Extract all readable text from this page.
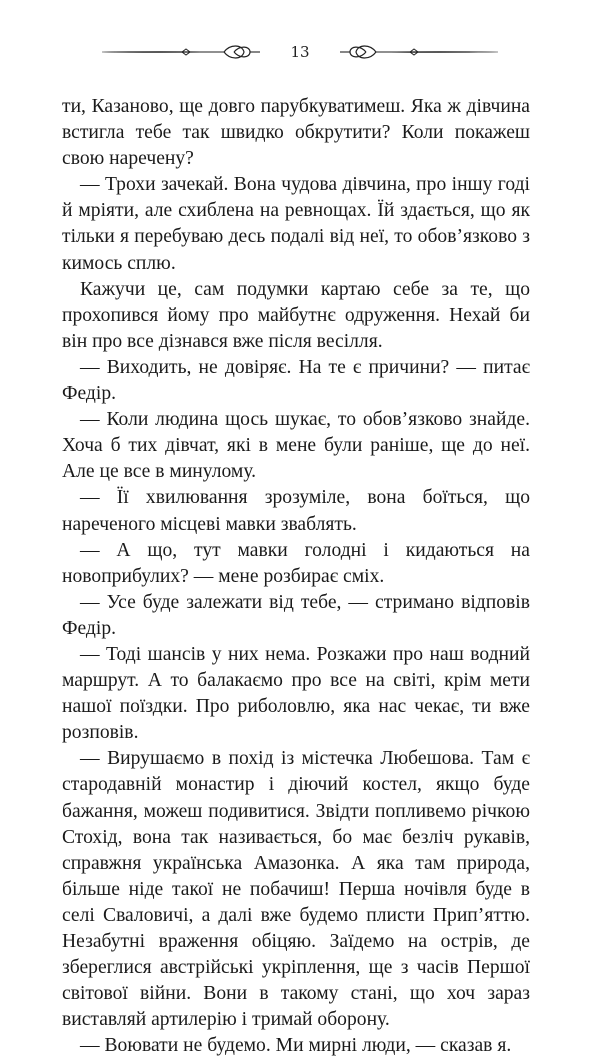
13

ти, Казаново, ще довго парубкуватимеш. Яка ж дівчина встигла тебе так швидко обкрутити? Коли покажеш свою наречену?

— Трохи зачекай. Вона чудова дівчина, про іншу годі й мріяти, але схиблена на ревнощах. Їй здається, що як тільки я перебуваю десь подалі від неї, то обов’язково з кимось сплю.

Кажучи це, сам подумки картаю себе за те, що прохопився йому про майбутнє одруження. Нехай би він про все дізнався вже після весілля.

— Виходить, не довіряє. На те є причини? — питає Федір.

— Коли людина щось шукає, то обов’язково знайде. Хоча б тих дівчат, які в мене були раніше, ще до неї. Але це все в минулому.

— Її хвилювання зрозуміле, вона боїться, що нареченого місцеві мавки зваблять.

— А що, тут мавки голодні і кидаються на новоприбулих? — мене розбирає сміх.

— Усе буде залежати від тебе, — стримано відповів Федір.

— Тоді шансів у них нема. Розкажи про наш водний маршрут. А то балакаємо про все на світі, крім мети нашої поїздки. Про риболовлю, яка нас чекає, ти вже розповів.

— Вирушаємо в похід із містечка Любешова. Там є стародавній монастир і діючий костел, якщо буде бажання, можеш подивитися. Звідти попливемо річкою Стохід, вона так називається, бо має безліч рукавів, справжня українська Амазонка. А яка там природа, більше ніде такої не побачиш! Перша ночівля буде в селі Сваловичі, а далі вже будемо плисти Прип’яттю. Незабутні враження обіцяю. Заїдемо на острів, де збереглися австрійські укріплення, ще з часів Першої світової війни. Вони в такому стані, що хоч зараз виставляй артилерію і тримай оборону.

— Воювати не будемо. Ми мирні люди, — сказав я.
